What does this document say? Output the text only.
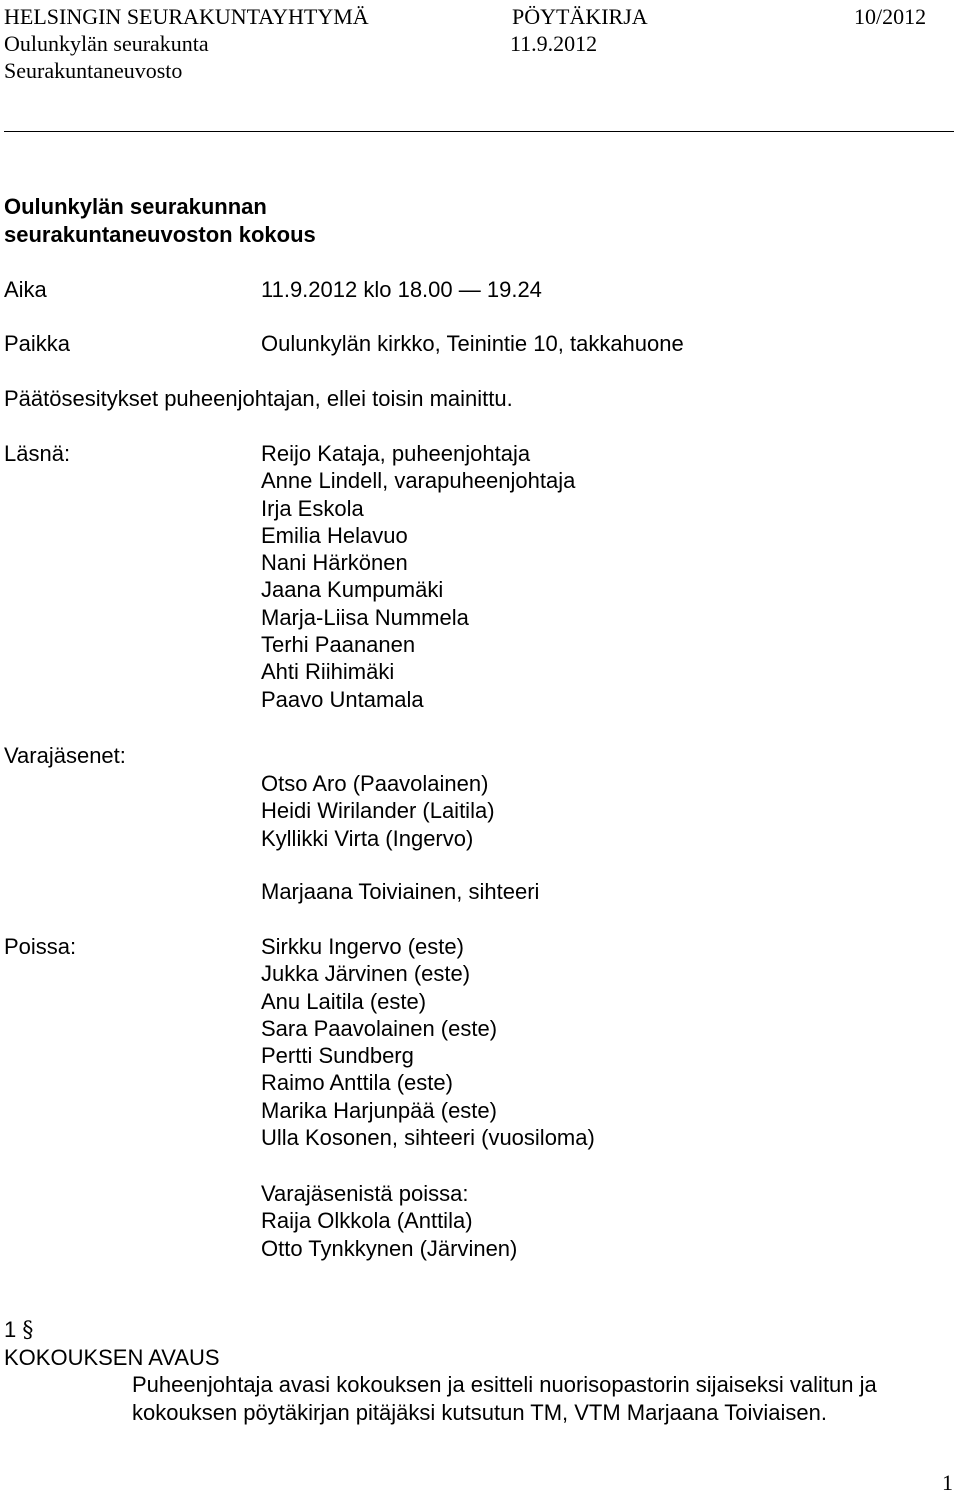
HELSINGIN SEURAKUNTAYHTYMÄ	PÖYTÄKIRJA	10/2012
Oulunkylän seurakunta	11.9.2012
Seurakuntaneuvosto
Oulunkylän seurakunnan
seurakuntaneuvoston kokous
Aika	11.9.2012 klo 18.00 — 19.24
Paikka	Oulunkylän kirkko, Teinintie 10, takkahuone
Päätösesitykset puheenjohtajan, ellei toisin mainittu.
Läsnä:	Reijo Kataja, puheenjohtaja
Anne Lindell, varapuheenjohtaja
Irja Eskola
Emilia Helavuo
Nani Härkönen
Jaana Kumpumäki
Marja-Liisa Nummela
Terhi Paananen
Ahti Riihimäki
Paavo Untamala
Varajäsenet:
Otso Aro (Paavolainen)
Heidi Wirilander (Laitila)
Kyllikki Virta (Ingervo)
Marjaana Toiviainen, sihteeri
Poissa:	Sirkku Ingervo (este)
Jukka Järvinen (este)
Anu Laitila (este)
Sara Paavolainen (este)
Pertti Sundberg
Raimo Anttila (este)
Marika Harjunpää (este)
Ulla Kosonen, sihteeri (vuosiloma)
Varajäsenistä poissa:
Raija Olkkola (Anttila)
Otto Tynkkynen (Järvinen)
1 §
KOKOUKSEN AVAUS
Puheenjohtaja avasi kokouksen ja esitteli nuorisopastorin sijaiseksi valitun ja kokouksen pöytäkirjan pitäjäksi kutsutun TM, VTM Marjaana Toiviaisen.
1
